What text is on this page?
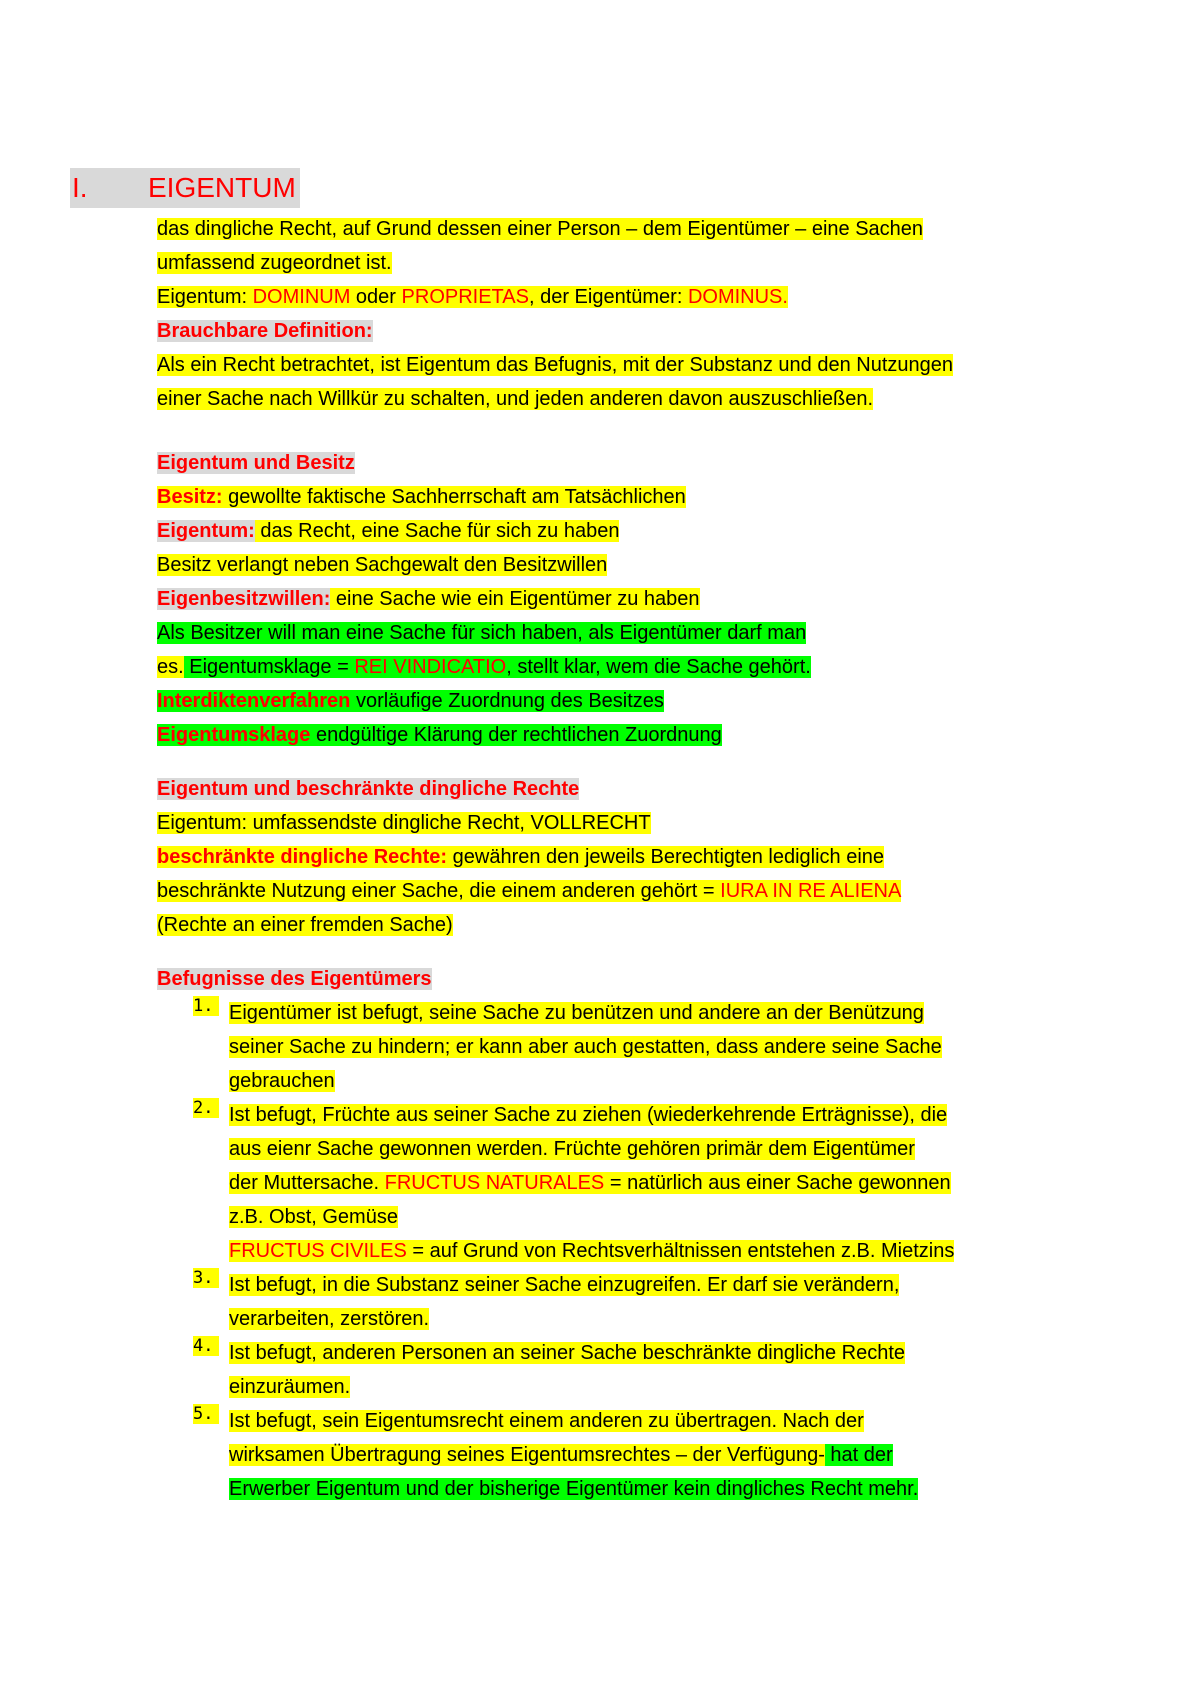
I.	EIGENTUM
das dingliche Recht, auf Grund dessen einer Person – dem Eigentümer – eine Sachen
umfassend zugeordnet ist.
Eigentum: DOMINUM oder PROPRIETAS, der Eigentümer: DOMINUS.
Brauchbare Definition:
Als ein Recht betrachtet, ist Eigentum das Befugnis, mit der Substanz und den Nutzungen
einer Sache nach Willkür zu schalten, und jeden anderen davon auszuschließen.
Eigentum und Besitz
Besitz: gewollte faktische Sachherrschaft am Tatsächlichen
Eigentum: das Recht, eine Sache für sich zu haben
Besitz verlangt neben Sachgewalt den Besitzwillen
Eigenbesitzwillen: eine Sache wie ein Eigentümer zu haben
Als Besitzer will man eine Sache für sich haben, als Eigentümer darf man
es. Eigentumsklage = REI VINDICATIO, stellt klar, wem die Sache gehört.
Interdiktenverfahren vorläufige Zuordnung des Besitzes
Eigentumsklage endgültige Klärung der rechtlichen Zuordnung
Eigentum und beschränkte dingliche Rechte
Eigentum: umfassendste dingliche Recht, VOLLRECHT
beschränkte dingliche Rechte: gewähren den jeweils Berechtigten lediglich eine
beschränkte Nutzung einer Sache, die einem anderen gehört = IURA IN RE ALIENA
(Rechte an einer fremden Sache)
Befugnisse des Eigentümers
1. Eigentümer ist befugt, seine Sache zu benützen und andere an der Benützung
seiner Sache zu hindern; er kann aber auch gestatten, dass andere seine Sache
gebrauchen
2. Ist befugt, Früchte aus seiner Sache zu ziehen (wiederkehrende Erträgnisse), die
aus eienr Sache gewonnen werden. Früchte gehören primär dem Eigentümer
der Muttersache. FRUCTUS NATURALES = natürlich aus einer Sache gewonnen
z.B. Obst, Gemüse
FRUCTUS CIVILES = auf Grund von Rechtsverhältnissen entstehen z.B. Mietzins
3. Ist befugt, in die Substanz seiner Sache einzugreifen. Er darf sie verändern,
verarbeiten, zerstören.
4. Ist befugt, anderen Personen an seiner Sache beschränkte dingliche Rechte
einzuräumen.
5. Ist befugt, sein Eigentumsrecht einem anderen zu übertragen. Nach der
wirksamen Übertragung seines Eigentumsrechtes – der Verfügung- hat der
Erwerber Eigentum und der bisherige Eigentümer kein dingliches Recht mehr.
